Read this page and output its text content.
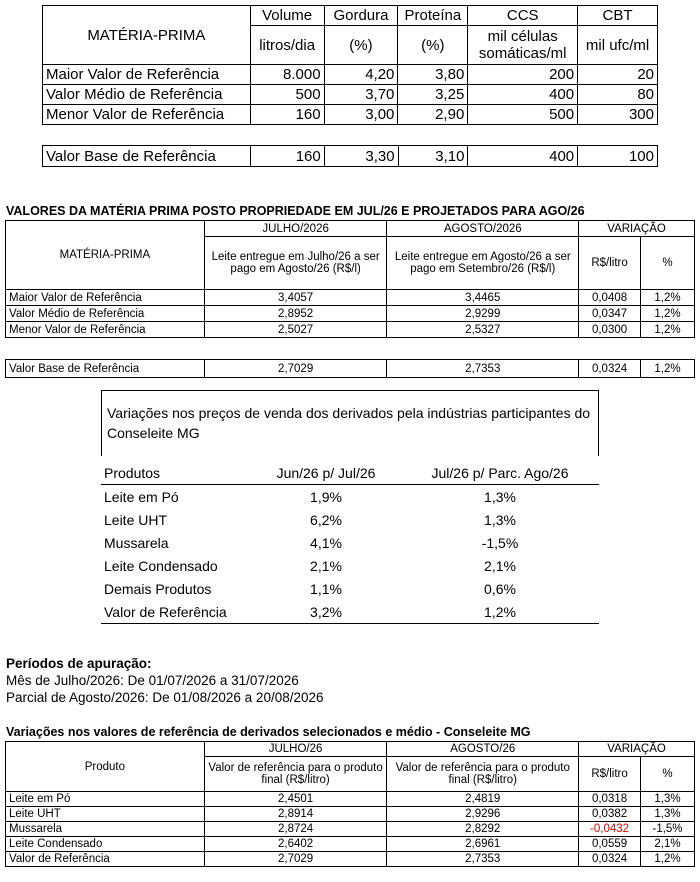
MATÉRIA-PRIMA	Volume	Gordura	Proteína	CCS	CBT
	litros/dia	(%)	(%)	mil células somáticas/ml	mil ufc/ml
Maior Valor de Referência	8.000	4,20	3,80	200	20
Valor Médio de Referência	500	3,70	3,25	400	80
Menor Valor de Referência	160	3,00	2,90	500	300
Valor Base de Referência	160	3,30	3,10	400	100
VALORES DA MATÉRIA PRIMA POSTO PROPRIEDADE EM JUL/26 E PROJETADOS PARA AGO/26
MATÉRIA-PRIMA	JULHO/2026	AGOSTO/2026	VARIAÇÃO	
	Leite entregue em Julho/26 a ser pago em Agosto/26 (R$/l)	Leite entregue em Agosto/26 a ser pago em Setembro/26 (R$/l)	R$/litro	%
Maior Valor de Referência	3,4057	3,4465	0,0408	1,2%
Valor Médio de Referência	2,8952	2,9299	0,0347	1,2%
Menor Valor de Referência	2,5027	2,5327	0,0300	1,2%
Valor Base de Referência	2,7029	2,7353	0,0324	1,2%
Variações nos preços de venda dos derivados pela indústrias participantes do Conseleite MG
Produtos	Jun/26 p/ Jul/26	Jul/26 p/ Parc. Ago/26
Leite em Pó	1,9%	1,3%
Leite UHT	6,2%	1,3%
Mussarela	4,1%	-1,5%
Leite Condensado	2,1%	2,1%
Demais Produtos	1,1%	0,6%
Valor de Referência	3,2%	1,2%
Períodos de apuração:
Mês de Julho/2026: De 01/07/2026 a 31/07/2026
Parcial de Agosto/2026: De 01/08/2026 a 20/08/2026
Variações nos valores de referência de derivados selecionados e médio - Conseleite MG
Produto	JULHO/26	AGOSTO/26	VARIAÇÃO	
	Valor de referência para o produto final (R$/litro)	Valor de referência para o produto final (R$/litro)	R$/litro	%
Leite em Pó	2,4501	2,4819	0,0318	1,3%
Leite UHT	2,8914	2,9296	0,0382	1,3%
Mussarela	2,8724	2,8292	-0,0432	-1,5%
Leite Condensado	2,6402	2,6961	0,0559	2,1%
Valor de Referência	2,7029	2,7353	0,0324	1,2%
